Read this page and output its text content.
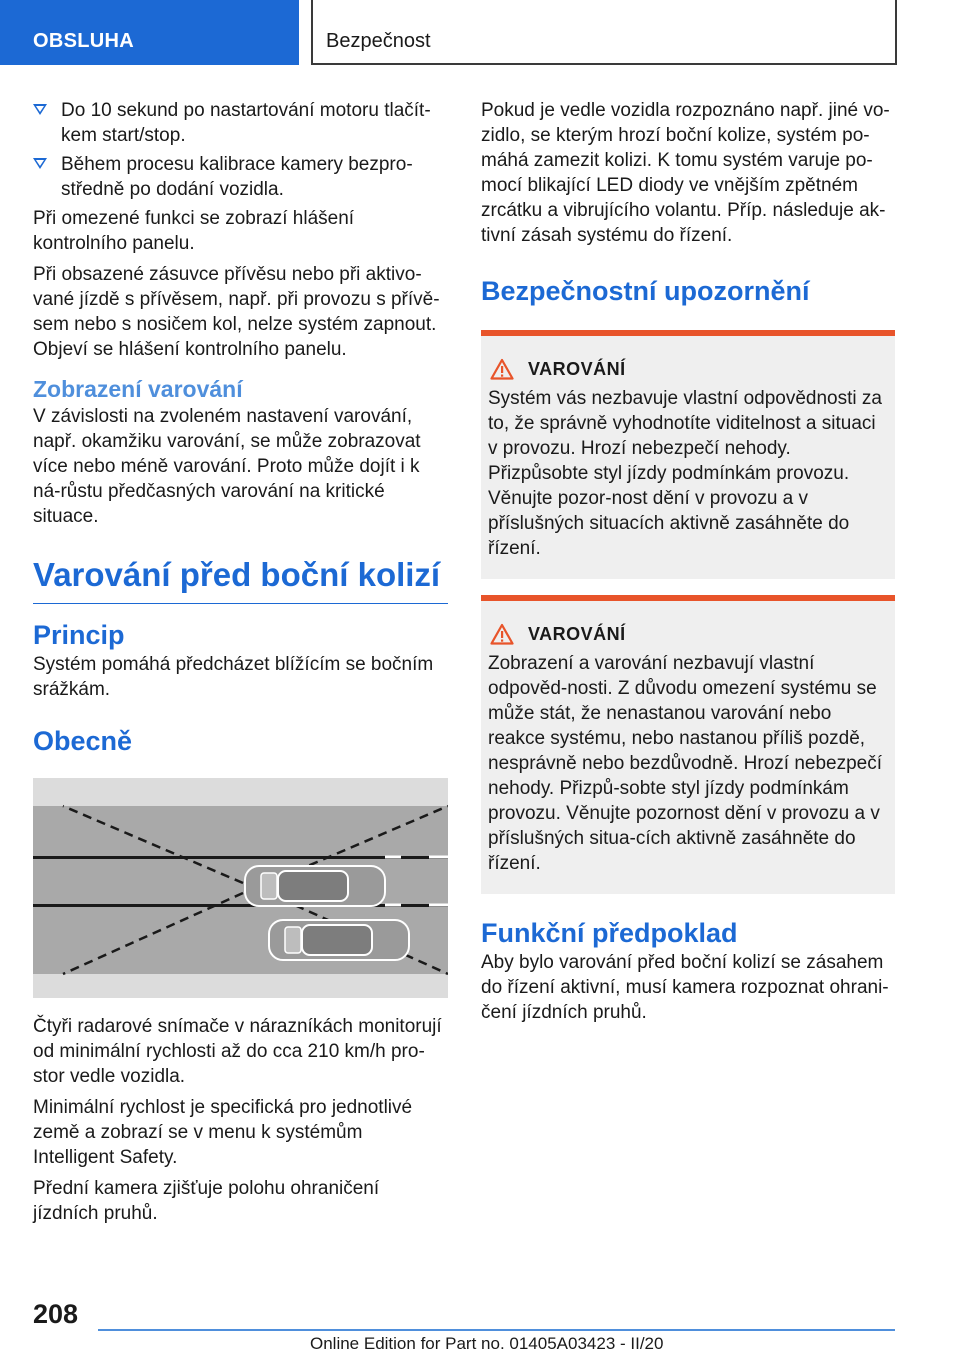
OBSLUHA	Bezpečnost

Do 10 sekund po nastartování motoru tlačít‐kem start/stop.

Během procesu kalibrace kamery bezpro‐středně po dodání vozidla.

Při omezené funkci se zobrazí hlášení kontrolního panelu.

Při obsazené zásuvce přívěsu nebo při aktivo‐vané jízdě s přívěsem, např. při provozu s přívě‐sem nebo s nosičem kol, nelze systém zapnout. Objeví se hlášení kontrolního panelu.

Zobrazení varování

V závislosti na zvoleném nastavení varování, např. okamžiku varování, se může zobrazovat více nebo méně varování. Proto může dojít i k ná‐růstu předčasných varování na kritické situace.

Varování před boční kolizí

Princip

Systém pomáhá předcházet blížícím se bočním srážkám.

Obecně

Čtyři radarové snímače v nárazníkách monitorují od minimální rychlosti až do cca 210 km/h pro‐stor vedle vozidla.

Minimální rychlost je specifická pro jednotlivé země a zobrazí se v menu k systémům Intelligent Safety.

Přední kamera zjišťuje polohu ohraničení jízdních pruhů.

Pokud je vedle vozidla rozpoznáno např. jiné vo‐zidlo, se kterým hrozí boční kolize, systém po‐máhá zamezit kolizi. K tomu systém varuje po‐mocí blikající LED diody ve vnějším zpětném zrcátku a vibrujícího volantu. Příp. následuje ak‐tivní zásah systému do řízení.

Bezpečnostní upozornění

VAROVÁNÍ

Systém vás nezbavuje vlastní odpovědnosti za to, že správně vyhodnotíte viditelnost a situaci v provozu. Hrozí nebezpečí nehody. Přizpůsobte styl jízdy podmínkám provozu. Věnujte pozor‐nost dění v provozu a v příslušných situacích aktivně zasáhněte do řízení.

VAROVÁNÍ

Zobrazení a varování nezbavují vlastní odpověd‐nosti. Z důvodu omezení systému se může stát, že nenastanou varování nebo reakce systému, nebo nastanou příliš pozdě, nesprávně nebo bezdůvodně. Hrozí nebezpečí nehody. Přizpů‐sobte styl jízdy podmínkám provozu. Věnujte pozornost dění v provozu a v příslušných situa‐cích aktivně zasáhněte do řízení.

Funkční předpoklad

Aby bylo varování před boční kolizí se zásahem do řízení aktivní, musí kamera rozpoznat ohrani‐čení jízdních pruhů.

208
Online Edition for Part no. 01405A03423 - II/20
